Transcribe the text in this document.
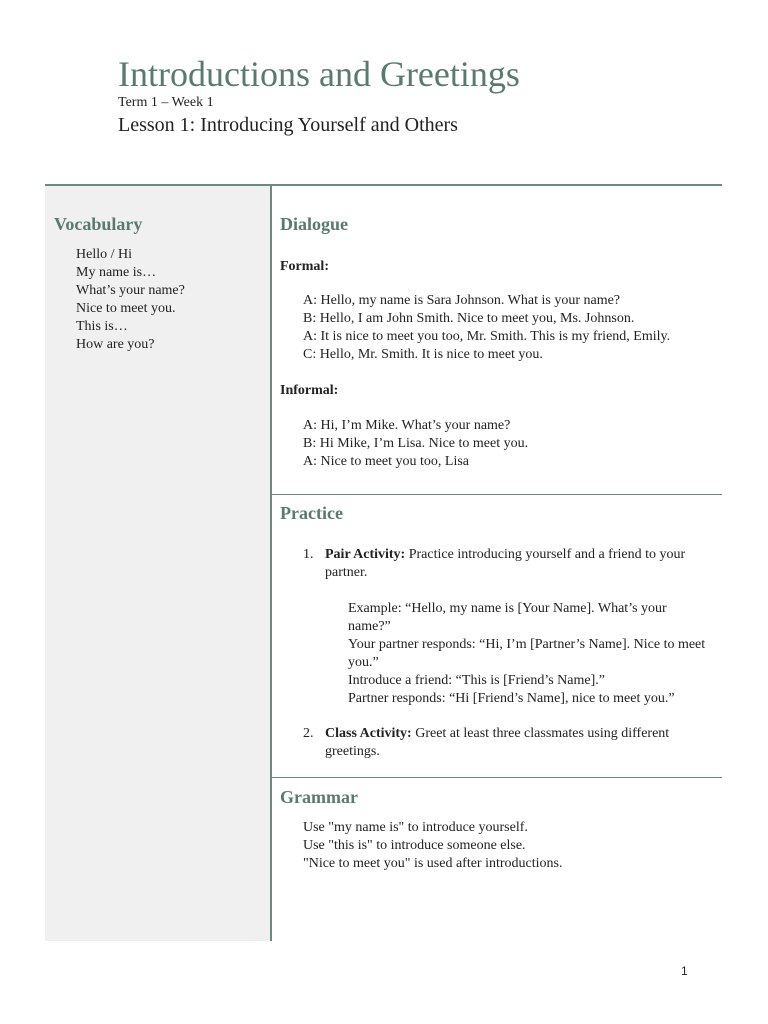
Introductions and Greetings
Term 1 – Week 1
Lesson 1: Introducing Yourself and Others
Vocabulary
Hello / Hi
My name is…
What’s your name?
Nice to meet you.
This is…
How are you?
Dialogue
Formal:
A: Hello, my name is Sara Johnson. What is your name?
B: Hello, I am John Smith. Nice to meet you, Ms. Johnson.
A: It is nice to meet you too, Mr. Smith. This is my friend, Emily.
C: Hello, Mr. Smith. It is nice to meet you.
Informal:
A: Hi, I’m Mike. What’s your name?
B: Hi Mike, I’m Lisa. Nice to meet you.
A: Nice to meet you too, Lisa
Practice
1. Pair Activity: Practice introducing yourself and a friend to your partner.
Example: “Hello, my name is [Your Name]. What’s your name?”
Your partner responds: “Hi, I’m [Partner’s Name]. Nice to meet you.”
Introduce a friend: “This is [Friend’s Name].”
Partner responds: “Hi [Friend’s Name], nice to meet you.”
2. Class Activity: Greet at least three classmates using different greetings.
Grammar
Use "my name is" to introduce yourself.
Use "this is" to introduce someone else.
"Nice to meet you" is used after introductions.
1
